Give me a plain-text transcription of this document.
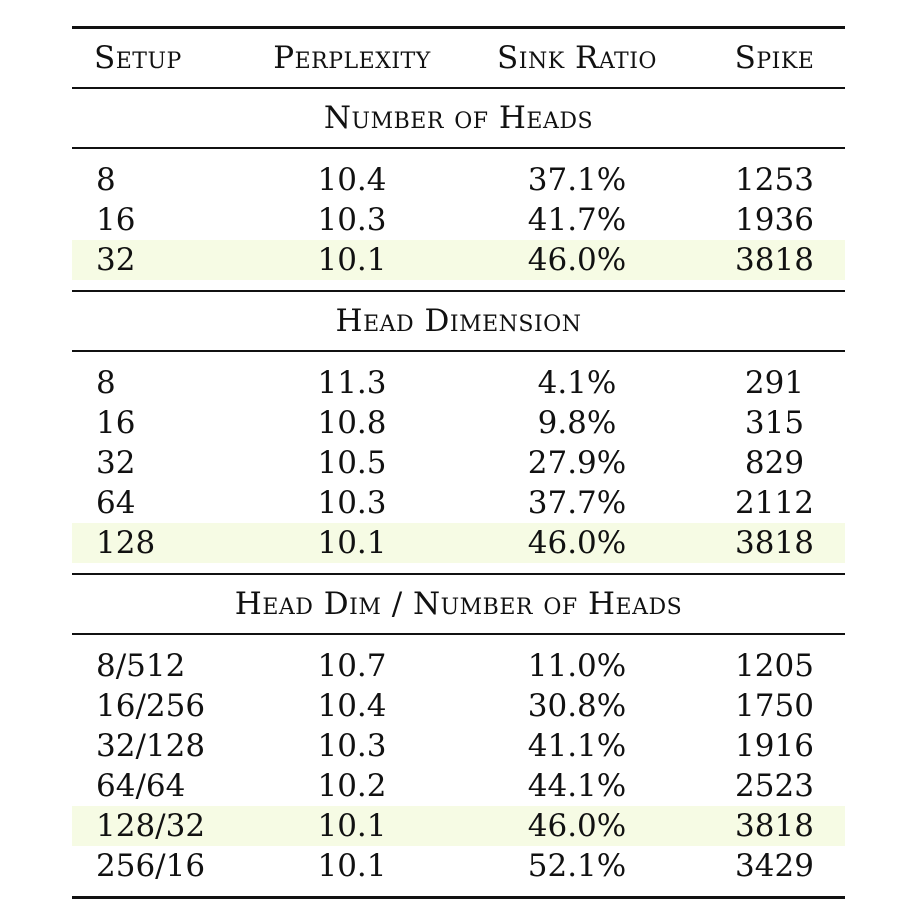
Setup	Perplexity	Sink Ratio	Spike
Number of Heads
8	10.4	37.1%	1253
16	10.3	41.7%	1936
32	10.1	46.0%	3818
Head Dimension
8	11.3	4.1%	291
16	10.8	9.8%	315
32	10.5	27.9%	829
64	10.3	37.7%	2112
128	10.1	46.0%	3818
Head Dim / Number of Heads
8/512	10.7	11.0%	1205
16/256	10.4	30.8%	1750
32/128	10.3	41.1%	1916
64/64	10.2	44.1%	2523
128/32	10.1	46.0%	3818
256/16	10.1	52.1%	3429
